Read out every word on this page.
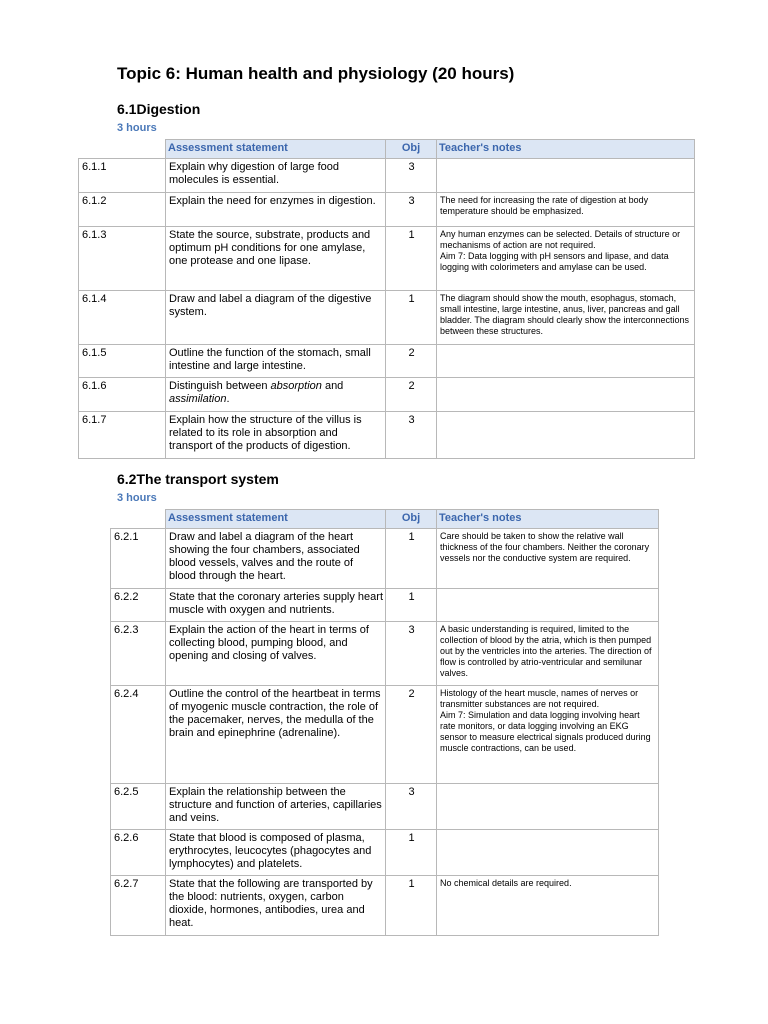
Topic 6: Human health and physiology (20 hours)
6.1Digestion
3 hours
	Assessment statement	Obj	Teacher's notes
6.1.1	Explain why digestion of large food molecules is essential.	3	
6.1.2	Explain the need for enzymes in digestion.	3	The need for increasing the rate of digestion at body temperature should be emphasized.
6.1.3	State the source, substrate, products and optimum pH conditions for one amylase, one protease and one lipase.	1	Any human enzymes can be selected. Details of structure or mechanisms of action are not required.
Aim 7: Data logging with pH sensors and lipase, and data logging with colorimeters and amylase can be used.
6.1.4	Draw and label a diagram of the digestive system.	1	The diagram should show the mouth, esophagus, stomach, small intestine, large intestine, anus, liver, pancreas and gall bladder. The diagram should clearly show the interconnections between these structures.
6.1.5	Outline the function of the stomach, small intestine and large intestine.	2	
6.1.6	Distinguish between absorption and
assimilation.	2	
6.1.7	Explain how the structure of the villus is related to its role in absorption and transport of the products of digestion.	3	
6.2The transport system
3 hours
	Assessment statement	Obj	Teacher's notes
6.2.1	Draw and label a diagram of the heart showing the four chambers, associated blood vessels, valves and the route of blood through the heart.	1	Care should be taken to show the relative wall thickness of the four chambers. Neither the coronary vessels nor the conductive system are required.
6.2.2	State that the coronary arteries supply heart muscle with oxygen and nutrients.	1	
6.2.3	Explain the action of the heart in terms of collecting blood, pumping blood, and opening and closing of valves.	3	A basic understanding is required, limited to the collection of blood by the atria, which is then pumped out by the ventricles into the arteries. The direction of flow is controlled by atrio-ventricular and semilunar valves.
6.2.4	Outline the control of the heartbeat in terms of myogenic muscle contraction, the role of the pacemaker, nerves, the medulla of the brain and epinephrine (adrenaline).	2	Histology of the heart muscle, names of nerves or transmitter substances are not required.
Aim 7: Simulation and data logging involving heart rate monitors, or data logging involving an EKG sensor to measure electrical signals produced during muscle contractions, can be used.
6.2.5	Explain the relationship between the structure and function of arteries, capillaries and veins.	3	
6.2.6	State that blood is composed of plasma, erythrocytes, leucocytes (phagocytes and lymphocytes) and platelets.	1	
6.2.7	State that the following are transported by the blood: nutrients, oxygen, carbon dioxide, hormones, antibodies, urea and heat.	1	No chemical details are required.
